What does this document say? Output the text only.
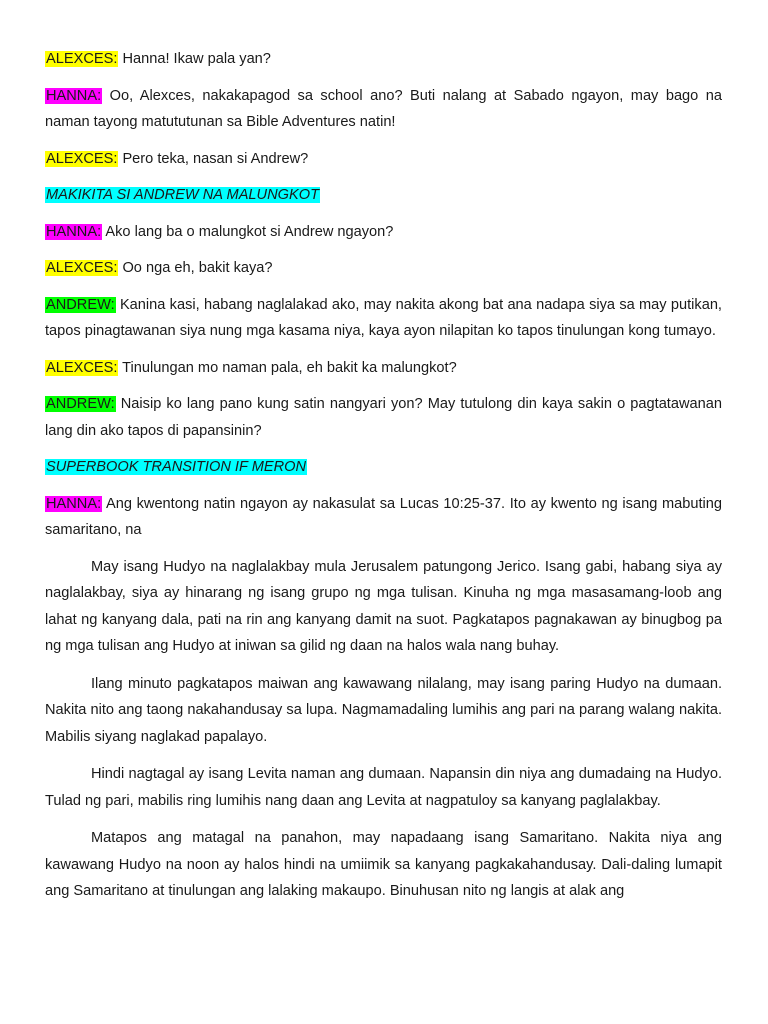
ALEXCES: Hanna! Ikaw pala yan?

HANNA: Oo, Alexces, nakakapagod sa school ano? Buti nalang at Sabado ngayon, may bago na naman tayong matututunan sa Bible Adventures natin!

ALEXCES: Pero teka, nasan si Andrew?

MAKIKITA SI ANDREW NA MALUNGKOT

HANNA: Ako lang ba o malungkot si Andrew ngayon?

ALEXCES: Oo nga eh, bakit kaya?

ANDREW: Kanina kasi, habang naglalakad ako, may nakita akong bat ana nadapa siya sa may putikan, tapos pinagtawanan siya nung mga kasama niya, kaya ayon nilapitan ko tapos tinulungan kong tumayo.

ALEXCES: Tinulungan mo naman pala, eh bakit ka malungkot?

ANDREW: Naisip ko lang pano kung satin nangyari yon? May tutulong din kaya sakin o pagtatawanan lang din ako tapos di papansinin?

SUPERBOOK TRANSITION IF MERON

HANNA: Ang kwentong natin ngayon ay nakasulat sa Lucas 10:25-37. Ito ay kwento ng isang mabuting samaritano, na

May isang Hudyo na naglalakbay mula Jerusalem patungong Jerico. Isang gabi, habang siya ay naglalakbay, siya ay hinarang ng isang grupo ng mga tulisan. Kinuha ng mga masasamang-loob ang lahat ng kanyang dala, pati na rin ang kanyang damit na suot. Pagkatapos pagnakawan ay binugbog pa ng mga tulisan ang Hudyo at iniwan sa gilid ng daan na halos wala nang buhay.

Ilang minuto pagkatapos maiwan ang kawawang nilalang, may isang paring Hudyo na dumaan. Nakita nito ang taong nakahandusay sa lupa. Nagmamadaling lumihis ang pari na parang walang nakita. Mabilis siyang naglakad papalayo.

Hindi nagtagal ay isang Levita naman ang dumaan. Napansin din niya ang dumadaing na Hudyo. Tulad ng pari, mabilis ring lumihis nang daan ang Levita at nagpatuloy sa kanyang paglalakbay.

Matapos ang matagal na panahon, may napadaang isang Samaritano. Nakita niya ang kawawang Hudyo na noon ay halos hindi na umiimik sa kanyang pagkakahandusay. Dali-daling lumapit ang Samaritano at tinulungan ang lalaking makaupo. Binuhusan nito ng langis at alak ang
